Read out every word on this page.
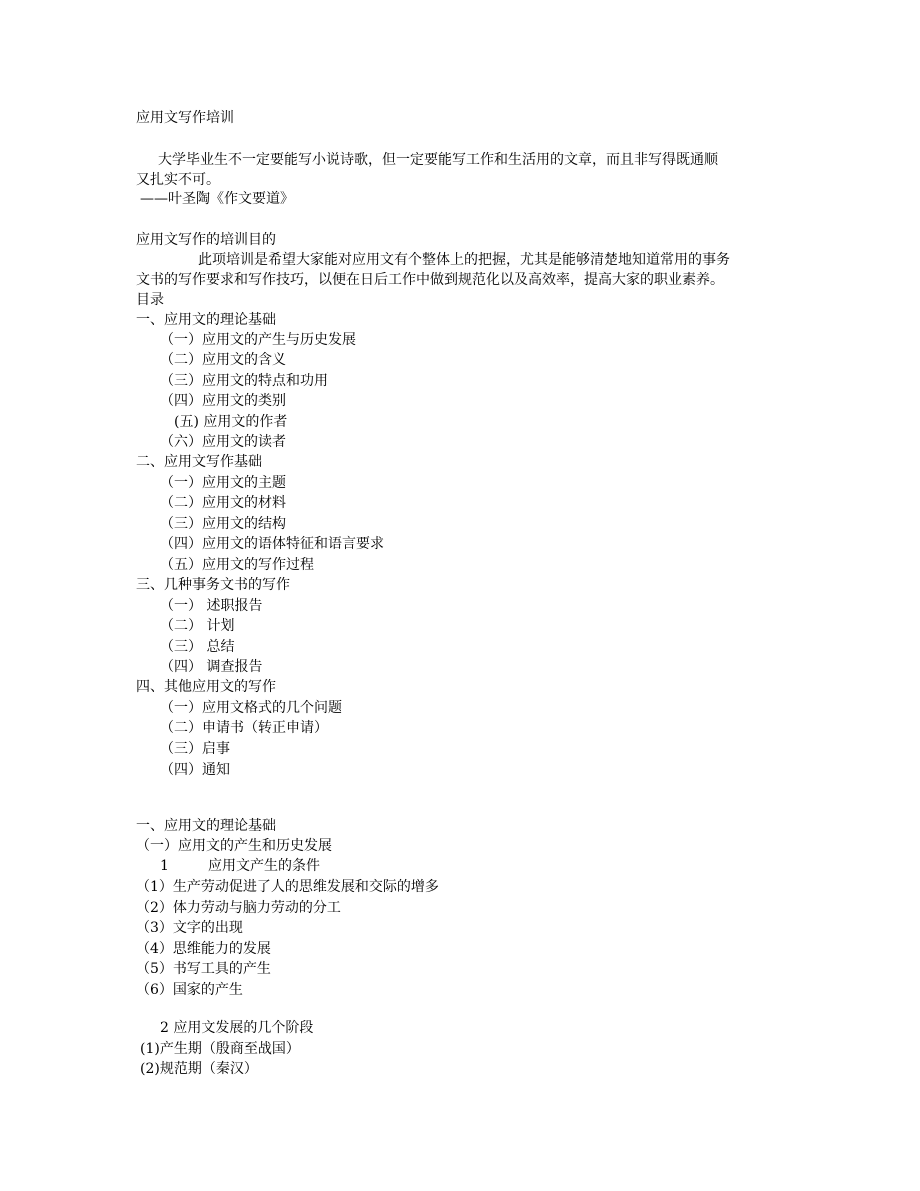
应用文写作培训
大学毕业生不一定要能写小说诗歌，但一定要能写工作和生活用的文章，而且非写得既通顺
又扎实不可。
——叶圣陶《作文要道》
应用文写作的培训目的
此项培训是希望大家能对应用文有个整体上的把握，尤其是能够清楚地知道常用的事务
文书的写作要求和写作技巧，以便在日后工作中做到规范化以及高效率，提高大家的职业素养。
目录
一、应用文的理论基础
（一）应用文的产生与历史发展
（二）应用文的含义
（三）应用文的特点和功用
（四）应用文的类别
(五) 应用文的作者
（六）应用文的读者
二、应用文写作基础
（一）应用文的主题
（二）应用文的材料
（三）应用文的结构
（四）应用文的语体特征和语言要求
（五）应用文的写作过程
三、几种事务文书的写作
（一） 述职报告
（二） 计划
（三） 总结
（四） 调查报告
四、其他应用文的写作
（一）应用文格式的几个问题
（二）申请书（转正申请）
（三）启事
（四）通知
一、应用文的理论基础
（一）应用文的产生和历史发展
1	应用文产生的条件
（1）生产劳动促进了人的思维发展和交际的增多
（2）体力劳动与脑力劳动的分工
（3）文字的出现
（4）思维能力的发展
（5）书写工具的产生
（6）国家的产生
2 应用文发展的几个阶段
(1)产生期（殷商至战国）
(2)规范期（秦汉）
